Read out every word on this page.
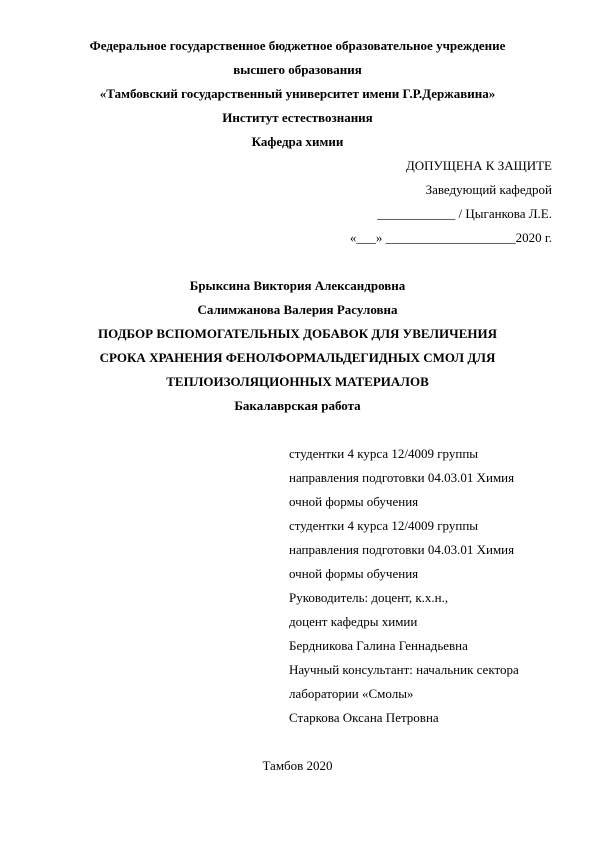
Федеральное государственное бюджетное образовательное учреждение
высшего образования
«Тамбовский государственный университет имени Г.Р.Державина»
Институт естествознания
Кафедра химии
ДОПУЩЕНА К ЗАЩИТЕ
Заведующий кафедрой
____________ / Цыганкова Л.Е.
«___» ____________________2020 г.
Брыксина Виктория Александровна
Салимжанова Валерия Расуловна
ПОДБОР ВСПОМОГАТЕЛЬНЫХ ДОБАВОК ДЛЯ УВЕЛИЧЕНИЯ
СРОКА ХРАНЕНИЯ ФЕНОЛФОРМАЛЬДЕГИДНЫХ СМОЛ ДЛЯ
ТЕПЛОИЗОЛЯЦИОННЫХ МАТЕРИАЛОВ
Бакалаврская работа
студентки 4 курса 12/4009 группы
направления подготовки 04.03.01 Химия
очной формы обучения
студентки 4 курса 12/4009 группы
направления подготовки 04.03.01 Химия
очной формы обучения
Руководитель: доцент, к.х.н.,
доцент кафедры химии
Бердникова Галина Геннадьевна
Научный консультант: начальник сектора
лаборатории «Смолы»
Старкова Оксана Петровна
Тамбов 2020
